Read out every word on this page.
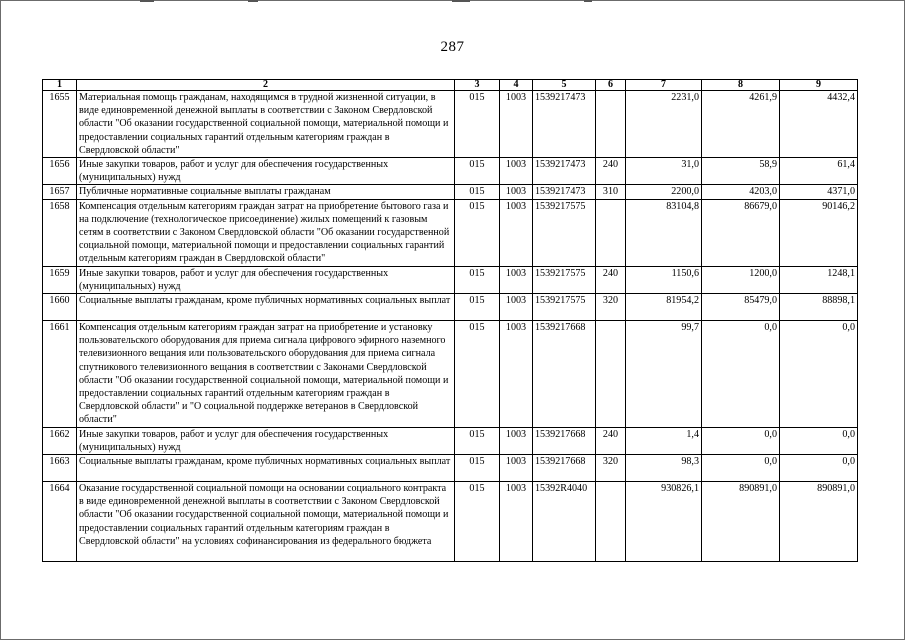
287
1	2	3	4	5	6	7	8	9
1655	Материальная помощь гражданам, находящимся в трудной жизненной ситуации, в виде единовременной денежной выплаты в соответствии с Законом Свердловской области "Об оказании государственной социальной помощи, материальной помощи и предоставлении социальных гарантий отдельным категориям граждан в Свердловской области"	015	1003	1539217473		2231,0	4261,9	4432,4
1656	Иные закупки товаров, работ и услуг для обеспечения государственных (муниципальных) нужд	015	1003	1539217473	240	31,0	58,9	61,4
1657	Публичные нормативные социальные выплаты гражданам	015	1003	1539217473	310	2200,0	4203,0	4371,0
1658	Компенсация отдельным категориям граждан затрат на приобретение бытового газа и на подключение (технологическое присоединение) жилых помещений к газовым сетям в соответствии с Законом Свердловской области "Об оказании государственной социальной помощи, материальной помощи и предоставлении социальных гарантий отдельным категориям граждан в Свердловской области"	015	1003	1539217575		83104,8	86679,0	90146,2
1659	Иные закупки товаров, работ и услуг для обеспечения государственных (муниципальных) нужд	015	1003	1539217575	240	1150,6	1200,0	1248,1
1660	Социальные выплаты гражданам, кроме публичных нормативных социальных выплат	015	1003	1539217575	320	81954,2	85479,0	88898,1
1661	Компенсация отдельным категориям граждан затрат на приобретение и установку пользовательского оборудования для приема сигнала цифрового эфирного наземного телевизионного вещания или пользовательского оборудования для приема сигнала спутникового телевизионного вещания в соответствии с Законами Свердловской области "Об оказании государственной социальной помощи, материальной помощи и предоставлении социальных гарантий отдельным категориям граждан в Свердловской области" и "О социальной поддержке ветеранов в Свердловской области"	015	1003	1539217668		99,7	0,0	0,0
1662	Иные закупки товаров, работ и услуг для обеспечения государственных (муниципальных) нужд	015	1003	1539217668	240	1,4	0,0	0,0
1663	Социальные выплаты гражданам, кроме публичных нормативных социальных выплат	015	1003	1539217668	320	98,3	0,0	0,0
1664	Оказание государственной социальной помощи на основании социального контракта в виде единовременной денежной выплаты в соответствии с Законом Свердловской области "Об оказании государственной социальной помощи, материальной помощи и предоставлении социальных гарантий отдельным категориям граждан в Свердловской области" на условиях софинансирования из федерального бюджета	015	1003	15392R4040		930826,1	890891,0	890891,0
